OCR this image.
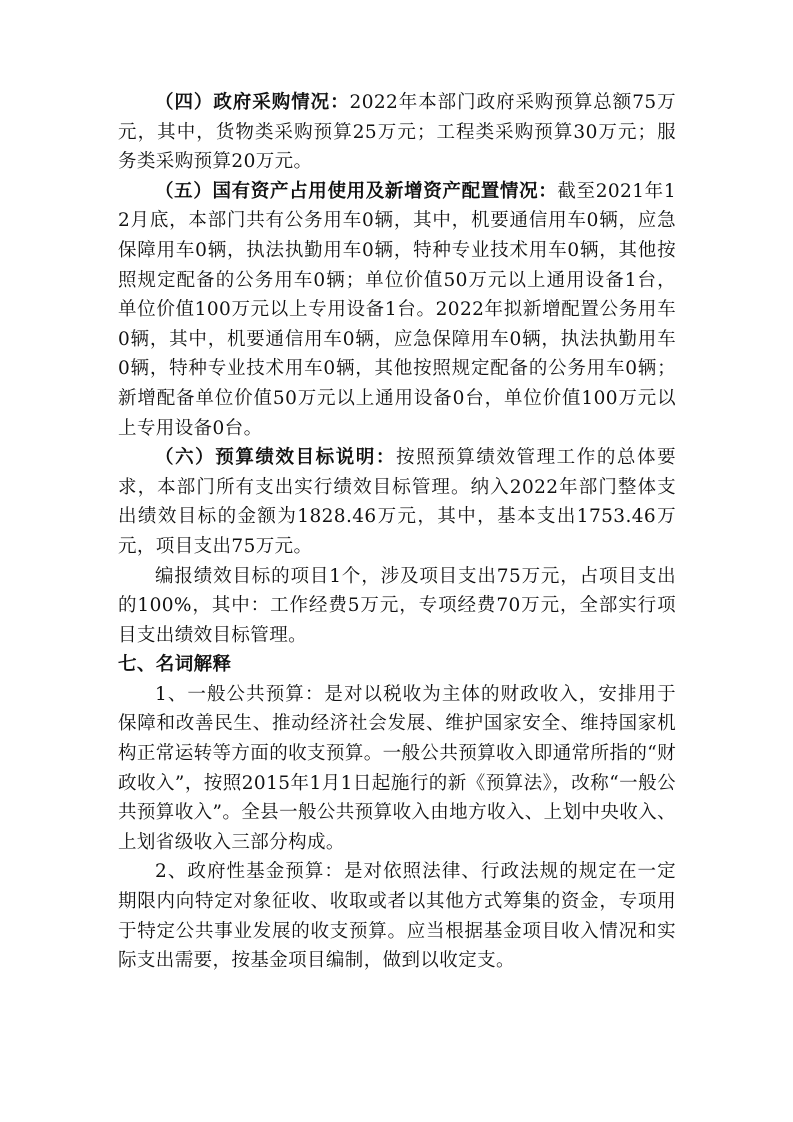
（四）政府采购情况：2022年本部门政府采购预算总额75万元，其中，货物类采购预算25万元；工程类采购预算30万元；服务类采购预算20万元。

（五）国有资产占用使用及新增资产配置情况：截至2021年12月底，本部门共有公务用车0辆，其中，机要通信用车0辆，应急保障用车0辆，执法执勤用车0辆，特种专业技术用车0辆，其他按照规定配备的公务用车0辆；单位价值50万元以上通用设备1台，单位价值100万元以上专用设备1台。2022年拟新增配置公务用车0辆，其中，机要通信用车0辆，应急保障用车0辆，执法执勤用车0辆，特种专业技术用车0辆，其他按照规定配备的公务用车0辆；新增配备单位价值50万元以上通用设备0台，单位价值100万元以上专用设备0台。

（六）预算绩效目标说明：按照预算绩效管理工作的总体要求，本部门所有支出实行绩效目标管理。纳入2022年部门整体支出绩效目标的金额为1828.46万元，其中，基本支出1753.46万元，项目支出75万元。

编报绩效目标的项目1个，涉及项目支出75万元，占项目支出的100%，其中：工作经费5万元，专项经费70万元，全部实行项目支出绩效目标管理。

七、名词解释

1、一般公共预算：是对以税收为主体的财政收入，安排用于保障和改善民生、推动经济社会发展、维护国家安全、维持国家机构正常运转等方面的收支预算。一般公共预算收入即通常所指的“财政收入”，按照2015年1月1日起施行的新《预算法》，改称“一般公共预算收入”。全县一般公共预算收入由地方收入、上划中央收入、上划省级收入三部分构成。

2、政府性基金预算：是对依照法律、行政法规的规定在一定期限内向特定对象征收、收取或者以其他方式筹集的资金，专项用于特定公共事业发展的收支预算。应当根据基金项目收入情况和实际支出需要，按基金项目编制，做到以收定支。
